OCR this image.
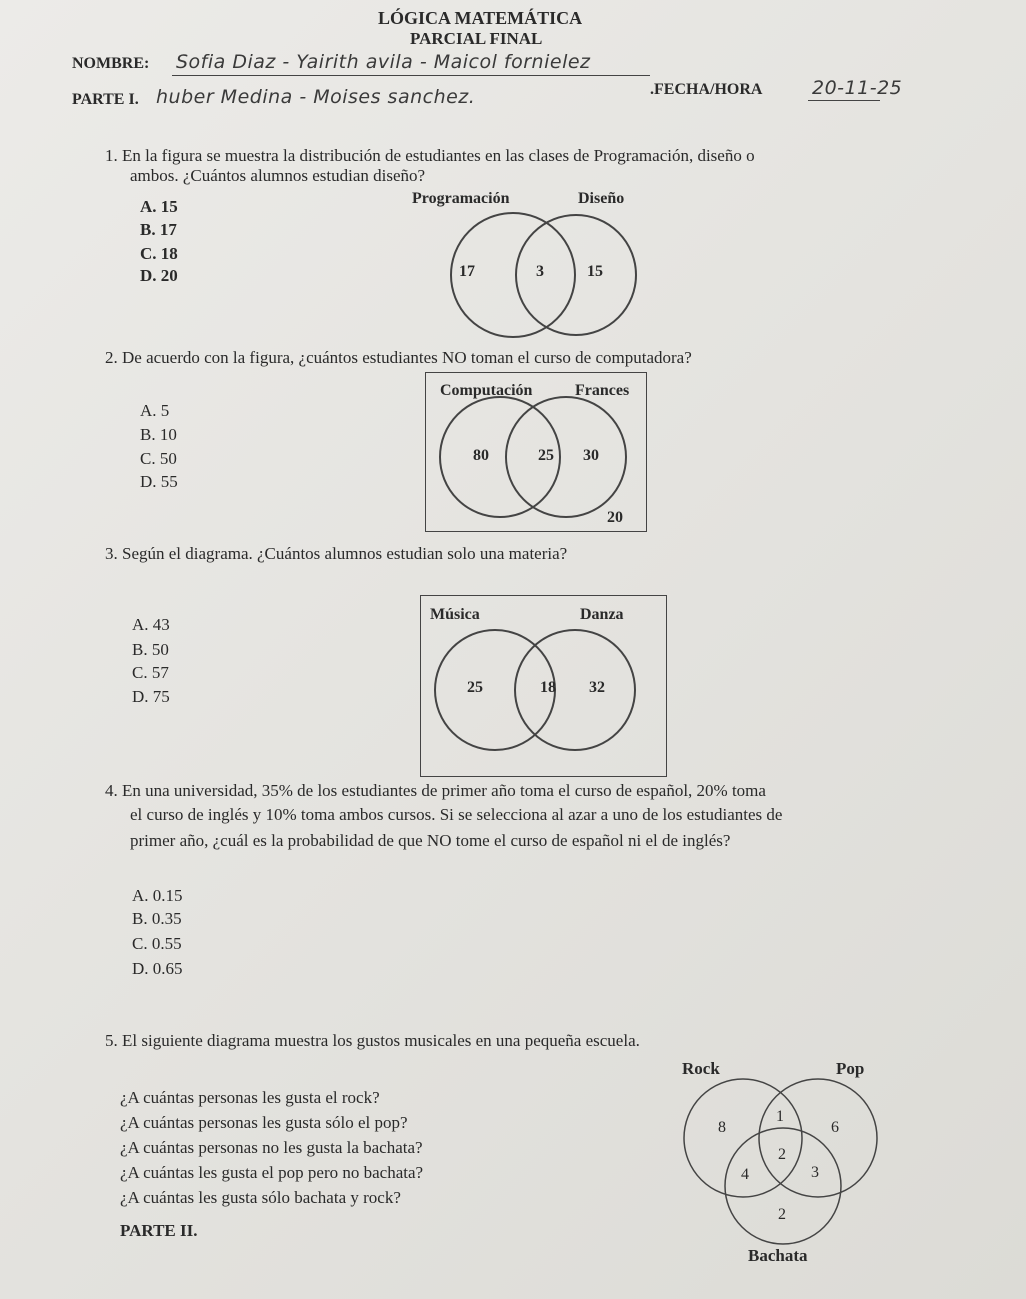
LÓGICA MATEMÁTICA
PARCIAL FINAL
NOMBRE: Sofia Diaz - Yairith avila - Maicol fornielez
.FECHA/HORA	20-11-25
PARTE I. huber Medina - Moises sanchez.
1. En la figura se muestra la distribución de estudiantes en las clases de Programación, diseño o
ambos. ¿Cuántos alumnos estudian diseño?
A. 15
B. 17
C. 18
D. 20
Programación	Diseño
2. De acuerdo con la figura, ¿cuántos estudiantes NO toman el curso de computadora?
A. 5
B. 10
C. 50
D. 55
Computación	Frances
3. Según el diagrama. ¿Cuántos alumnos estudian solo una materia?
A. 43
B. 50
C. 57
D. 75
Música	Danza
4. En una universidad, 35% de los estudiantes de primer año toma el curso de español, 20% toma
el curso de inglés y 10% toma ambos cursos. Si se selecciona al azar a uno de los estudiantes de
primer año, ¿cuál es la probabilidad de que NO tome el curso de español ni el de inglés?
A. 0.15
B. 0.35
C. 0.55
D. 0.65
5. El siguiente diagrama muestra los gustos musicales en una pequeña escuela.
¿A cuántas personas les gusta el rock?
¿A cuántas personas les gusta sólo el pop?
¿A cuántas personas no les gusta la bachata?
¿A cuántas les gusta el pop pero no bachata?
¿A cuántas les gusta sólo bachata y rock?
PARTE II.
Rock	Pop
Bachata
17	3	15
80	25 30
20
25	18 32
8
1
6
2
4	3
2
